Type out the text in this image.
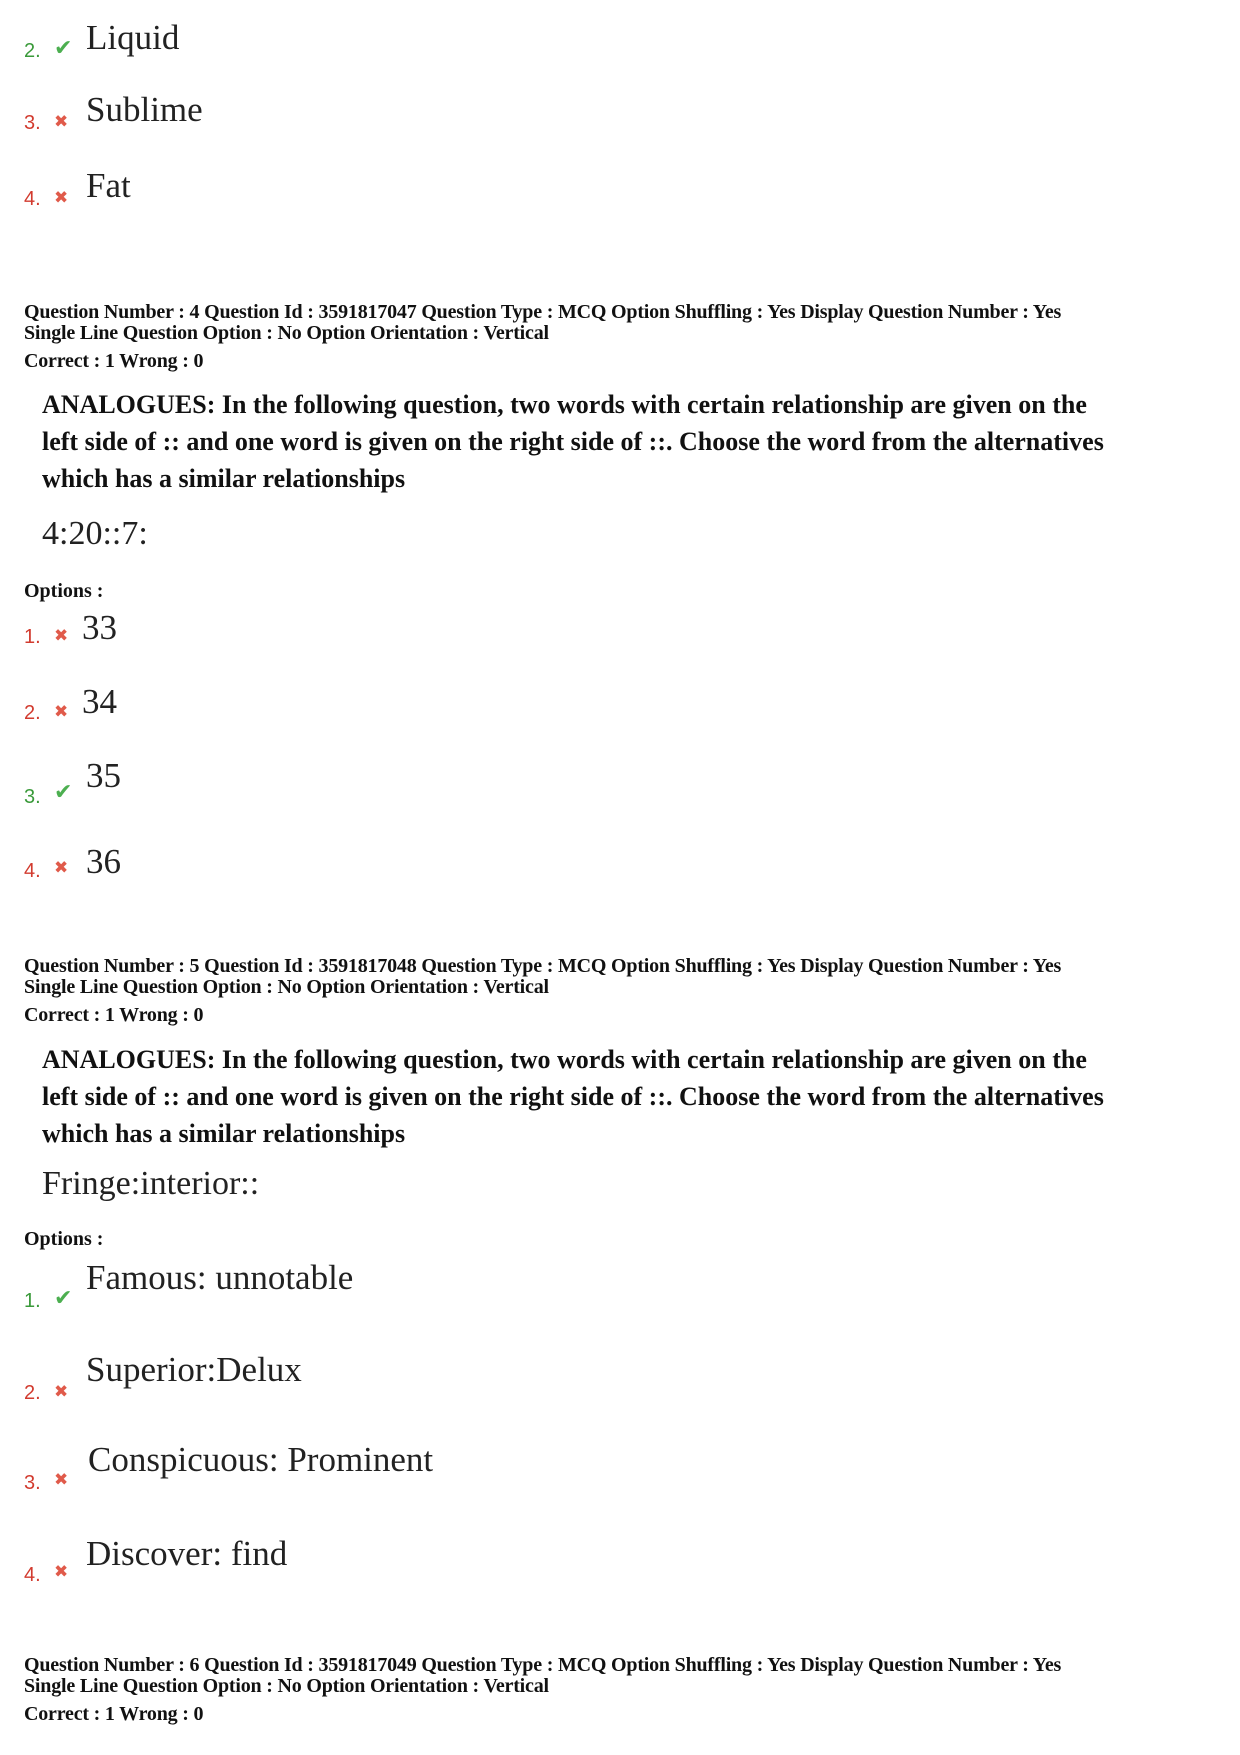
2. ✔ Liquid
3. ✖ Sublime
4. ✖ Fat
Question Number : 4 Question Id : 3591817047 Question Type : MCQ Option Shuffling : Yes Display Question Number : Yes
Single Line Question Option : No Option Orientation : Vertical
Correct : 1 Wrong : 0
ANALOGUES: In the following question, two words with certain relationship are given on the left side of :: and one word is given on the right side of ::. Choose the word from the alternatives which has a similar relationships
4:20::7:
Options :
1. ✖ 33
2. ✖ 34
3. ✔ 35
4. ✖ 36
Question Number : 5 Question Id : 3591817048 Question Type : MCQ Option Shuffling : Yes Display Question Number : Yes
Single Line Question Option : No Option Orientation : Vertical
Correct : 1 Wrong : 0
ANALOGUES: In the following question, two words with certain relationship are given on the left side of :: and one word is given on the right side of ::. Choose the word from the alternatives which has a similar relationships
Fringe:interior::
Options :
1. ✔
Famous: unnotable
2. ✖
Superior:Delux
3. ✖
Conspicuous: Prominent
4. ✖ Discover: find
Question Number : 6 Question Id : 3591817049 Question Type : MCQ Option Shuffling : Yes Display Question Number : Yes
Single Line Question Option : No Option Orientation : Vertical
Correct : 1 Wrong : 0
